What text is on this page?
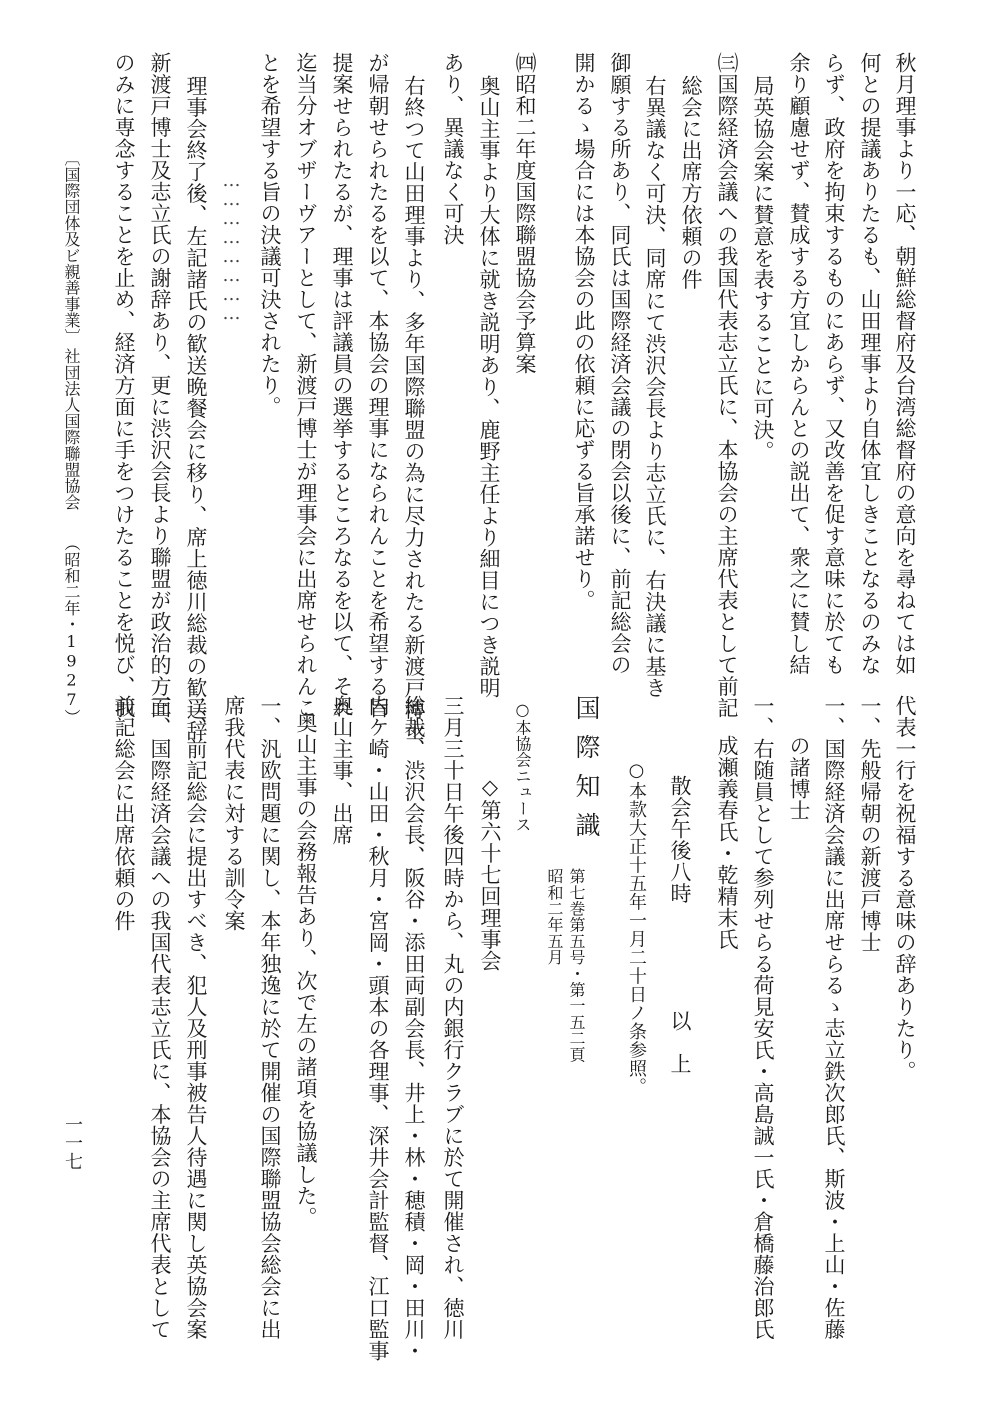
秋月理事より一応、朝鮮総督府及台湾総督府の意向を尋ねては如
何との提議ありたるも、山田理事より自体宜しきことなるのみな
らず、政府を拘束するものにあらず、又改善を促す意味に於ても
余り顧慮せず、賛成する方宜しからんとの説出て、衆之に賛し結
局英協会案に賛意を表することに可決。
㈢国際経済会議への我国代表志立氏に、本協会の主席代表として前記
総会に出席方依頼の件
右異議なく可決、同席にて渋沢会長より志立氏に、右決議に基き
御願する所あり、同氏は国際経済会議の閉会以後に、前記総会の
開かるゝ場合には本協会の此の依頼に応ずる旨承諾せり。
㈣昭和二年度国際聯盟協会予算案
奥山主事より大体に就き説明あり、鹿野主任より細目につき説明
あり、異議なく可決
右終つて山田理事より、多年国際聯盟の為に尽力されたる新渡戸博士
が帰朝せられたるを以て、本協会の理事になられんことを希望する旨
提案せられたるが、理事は評議員の選挙するところなるを以て、それ
迄当分オブザーヴアーとして、新渡戸博士が理事会に出席せられんこ
とを希望する旨の決議可決されたり。
……………………
理事会終了後、左記諸氏の歓送晩餐会に移り、席上徳川総裁の歓送辞
新渡戸博士及志立氏の謝辞あり、更に渋沢会長より聯盟が政治的方面
のみに専念することを止め、経済方面に手をつけたることを悦び、我
〔国際団体及ビ親善事業〕
社団法人国際聯盟協会
（昭和二年・1927）
代表一行を祝福する意味の辞ありたり。
一、先般帰朝の新渡戸博士
一、国際経済会議に出席せらるゝ志立鉄次郎氏、斯波・上山・佐藤
の諸博士
一、右随員として参列せらる荷見安氏・高島誠一氏・倉橋藤治郎氏
成瀬義春氏・乾精末氏
以　上
散会午後八時
○本款大正十五年一月二十日ノ条参照。
国際知識
第七巻第五号・第一五二頁
昭和二年五月
○本協会ニュース
◇第六十七回理事会
三月三十日午後四時から、丸の内銀行クラブに於て開催され、徳川
総裁、渋沢会長、阪谷・添田両副会長、井上・林・穂積・岡・田川・
内ケ崎・山田・秋月・宮岡・頭本の各理事、深井会計監督、江口監事
奥山主事、出席
奥山主事の会務報告あり、次で左の諸項を協議した。
一、汎欧問題に関し、本年独逸に於て開催の国際聯盟協会総会に出
席我代表に対する訓令案
二、前記総会に提出すべき、犯人及刑事被告人待遇に関し英協会案
三、国際経済会議への我国代表志立氏に、本協会の主席代表として
前記総会に出席依頼の件
一一七
